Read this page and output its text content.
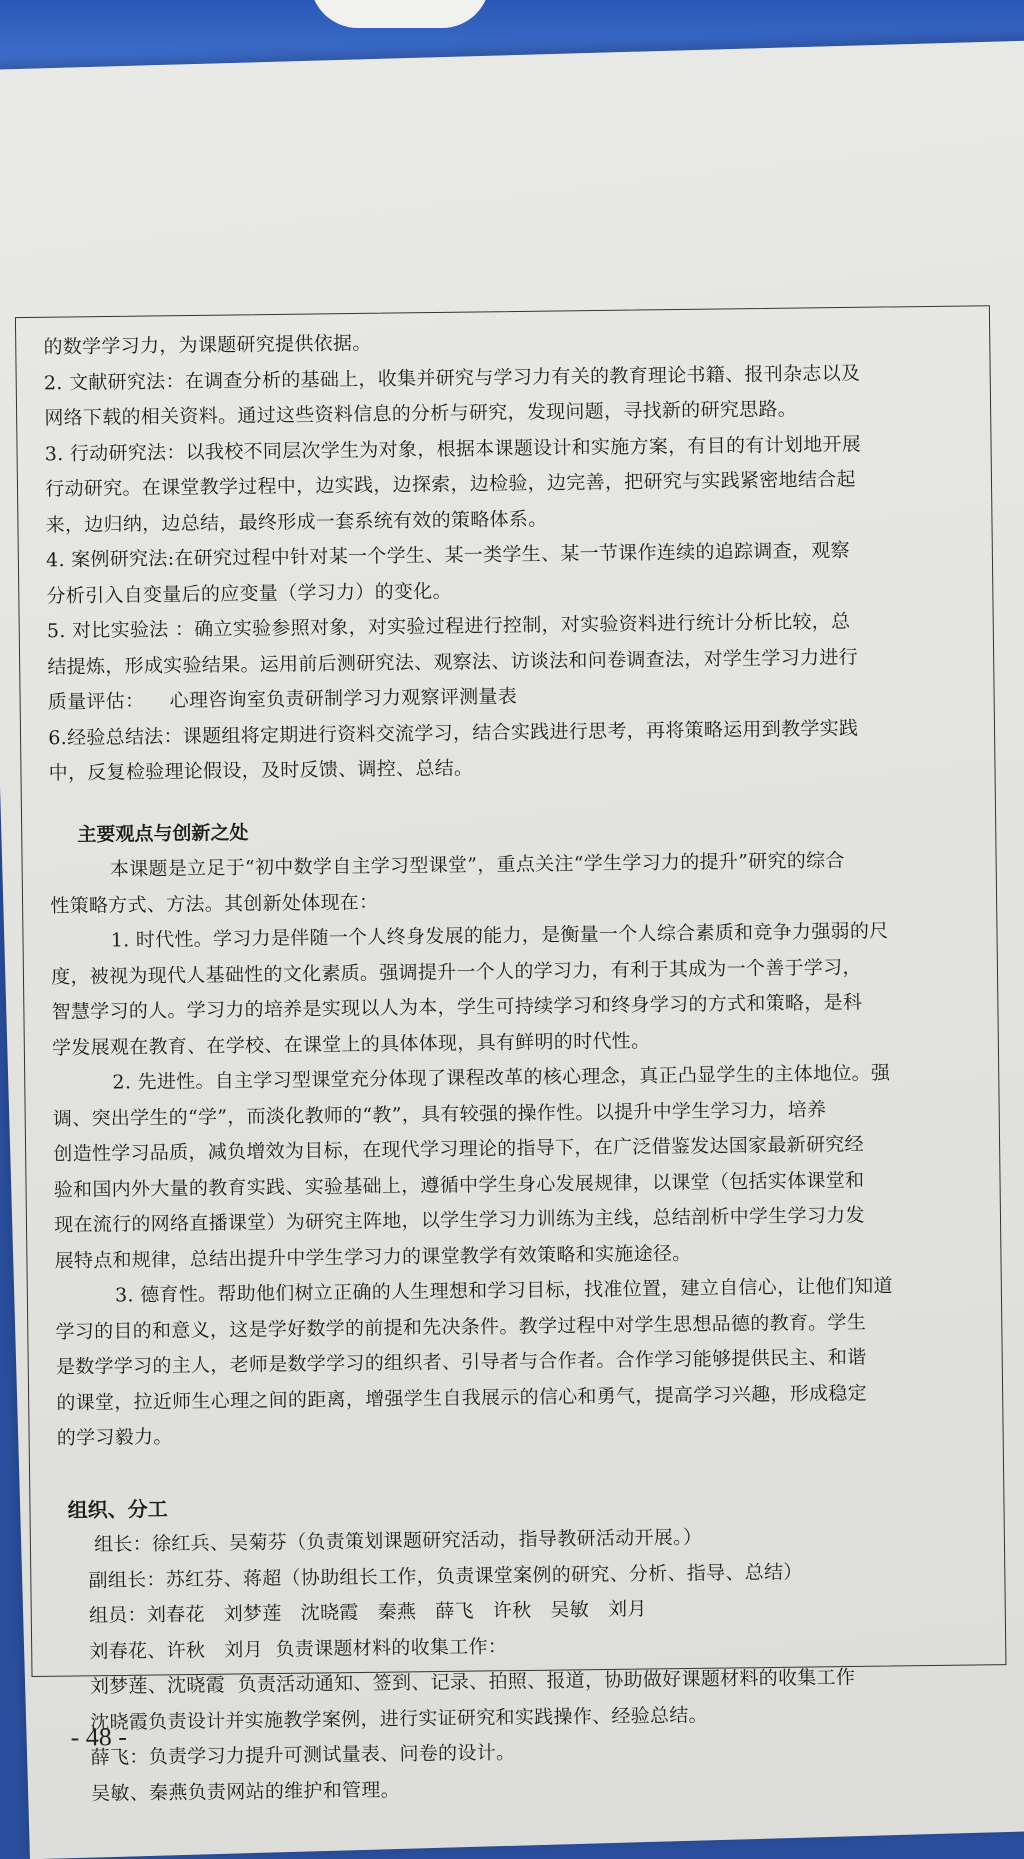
的数学学习力，为课题研究提供依据。
2. 文献研究法：在调查分析的基础上，收集并研究与学习力有关的教育理论书籍、报刊杂志以及
网络下载的相关资料。通过这些资料信息的分析与研究，发现问题，寻找新的研究思路。
3. 行动研究法：以我校不同层次学生为对象，根据本课题设计和实施方案，有目的有计划地开展
行动研究。在课堂教学过程中，边实践，边探索，边检验，边完善，把研究与实践紧密地结合起
来，边归纳，边总结，最终形成一套系统有效的策略体系。
4. 案例研究法:在研究过程中针对某一个学生、某一类学生、某一节课作连续的追踪调查，观察
分析引入自变量后的应变量（学习力）的变化。
5. 对比实验法 ：确立实验参照对象，对实验过程进行控制，对实验资料进行统计分析比较，总
结提炼，形成实验结果。运用前后测研究法、观察法、访谈法和问卷调查法，对学生学习力进行
质量评估：    心理咨询室负责研制学习力观察评测量表
6.经验总结法：课题组将定期进行资料交流学习，结合实践进行思考，再将策略运用到教学实践
中，反复检验理论假设，及时反馈、调控、总结。
主要观点与创新之处
本课题是立足于“初中数学自主学习型课堂”，重点关注“学生学习力的提升”研究的综合
性策略方式、方法。其创新处体现在：
1. 时代性。学习力是伴随一个人终身发展的能力，是衡量一个人综合素质和竞争力强弱的尺
度，被视为现代人基础性的文化素质。强调提升一个人的学习力，有利于其成为一个善于学习，
智慧学习的人。学习力的培养是实现以人为本，学生可持续学习和终身学习的方式和策略，是科
学发展观在教育、在学校、在课堂上的具体体现，具有鲜明的时代性。
2. 先进性。自主学习型课堂充分体现了课程改革的核心理念，真正凸显学生的主体地位。强
调、突出学生的“学”，而淡化教师的“教”，具有较强的操作性。以提升中学生学习力，培养
创造性学习品质，减负增效为目标，在现代学习理论的指导下，在广泛借鉴发达国家最新研究经
验和国内外大量的教育实践、实验基础上，遵循中学生身心发展规律，以课堂（包括实体课堂和
现在流行的网络直播课堂）为研究主阵地，以学生学习力训练为主线，总结剖析中学生学习力发
展特点和规律，总结出提升中学生学习力的课堂教学有效策略和实施途径。
3. 德育性。帮助他们树立正确的人生理想和学习目标，找准位置，建立自信心，让他们知道
学习的目的和意义，这是学好数学的前提和先决条件。教学过程中对学生思想品德的教育。学生
是数学学习的主人，老师是数学学习的组织者、引导者与合作者。合作学习能够提供民主、和谐
的课堂，拉近师生心理之间的距离，增强学生自我展示的信心和勇气，提高学习兴趣，形成稳定
的学习毅力。
组织、分工
组长：徐红兵、吴菊芬（负责策划课题研究活动，指导教研活动开展。）
副组长：苏红芬、蒋超（协助组长工作，负责课堂案例的研究、分析、指导、总结）
组员：刘春花   刘梦莲   沈晓霞   秦燕   薛飞   许秋   吴敏   刘月
刘春花、许秋   刘月  负责课题材料的收集工作：
刘梦莲、沈晓霞  负责活动通知、签到、记录、拍照、报道，协助做好课题材料的收集工作
沈晓霞负责设计并实施教学案例，进行实证研究和实践操作、经验总结。
薛飞：负责学习力提升可测试量表、问卷的设计。
吴敏、秦燕负责网站的维护和管理。
- 48 -
